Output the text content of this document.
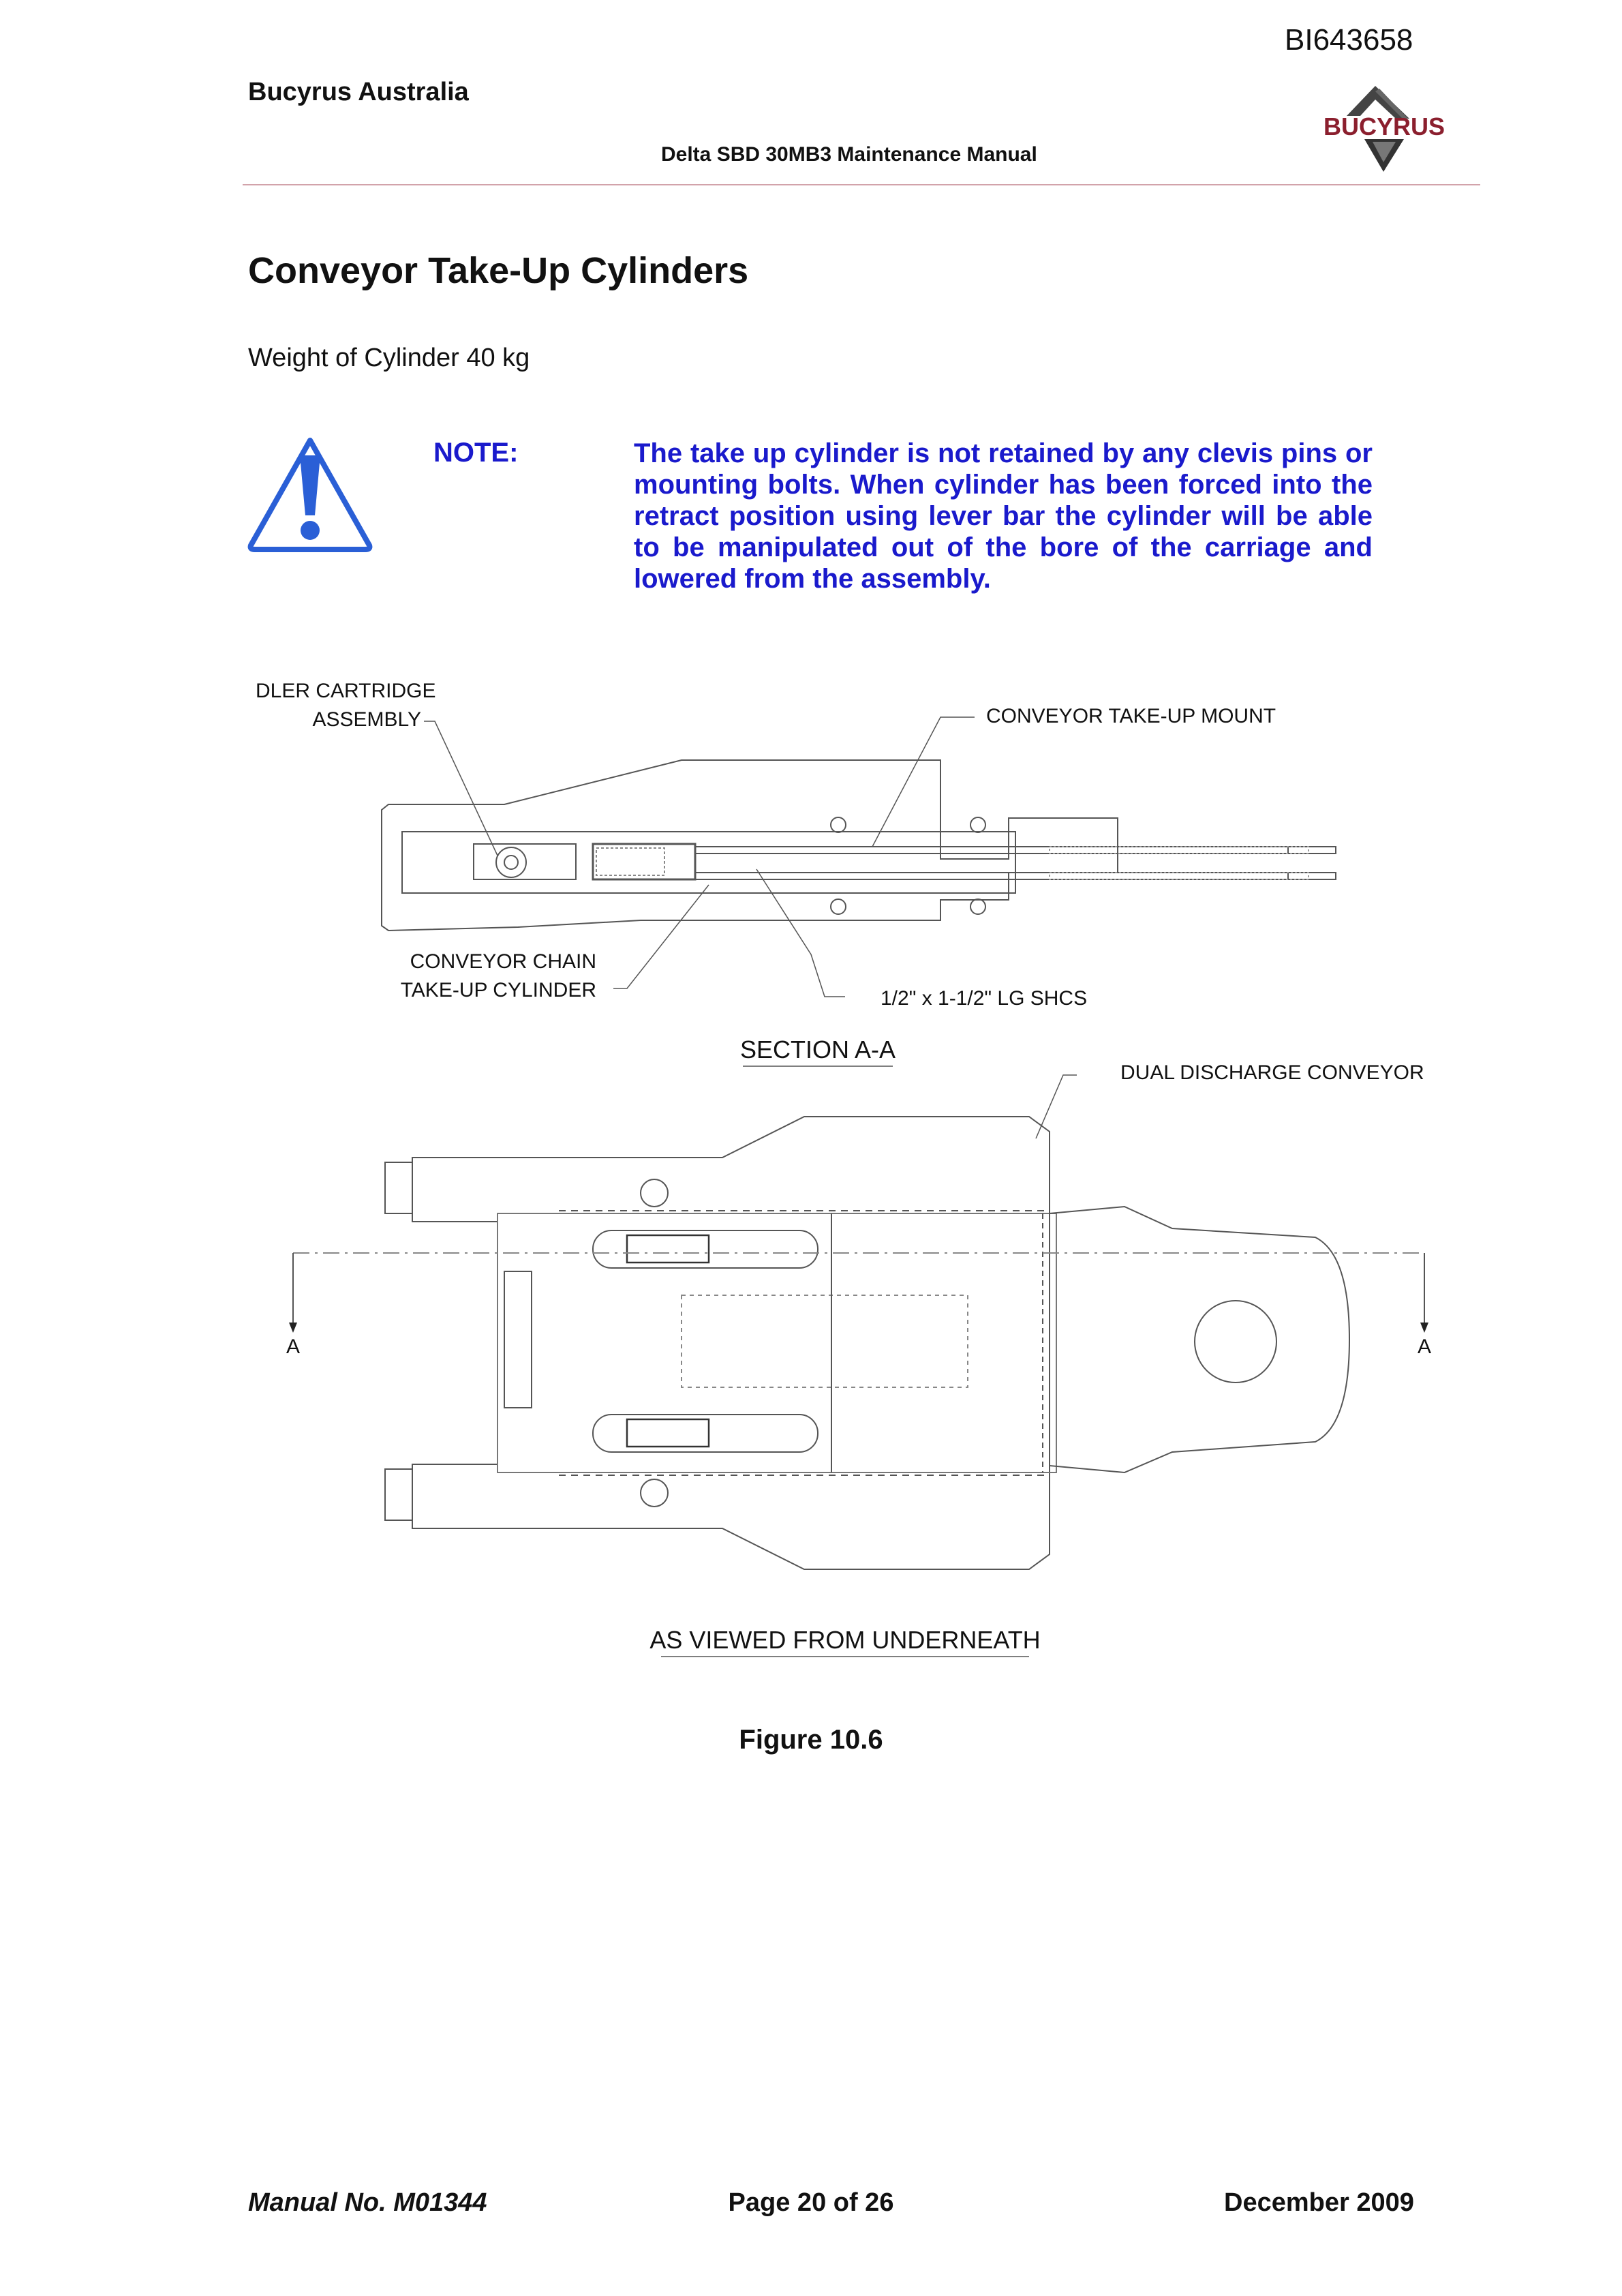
BI643658
Bucyrus Australia
Delta SBD 30MB3 Maintenance Manual
BUCYRUS
Conveyor Take-Up Cylinders
Weight of Cylinder 40 kg
NOTE:	The take up cylinder is not retained by any clevis pins or mounting bolts. When cylinder has been forced into the retract position using lever bar the cylinder will be able to be manipulated out of the bore of the carriage and lowered from the assembly.
DLER CARTRIDGE
ASSEMBLY	CONVEYOR TAKE-UP MOUNT
CONVEYOR CHAIN
TAKE-UP CYLINDER	1/2" x 1-1/2" LG SHCS
SECTION A-A
DUAL DISCHARGE CONVEYOR
A	A
AS VIEWED FROM UNDERNEATH
Figure 10.6
Manual No. M01344	Page 20 of 26	December 2009
